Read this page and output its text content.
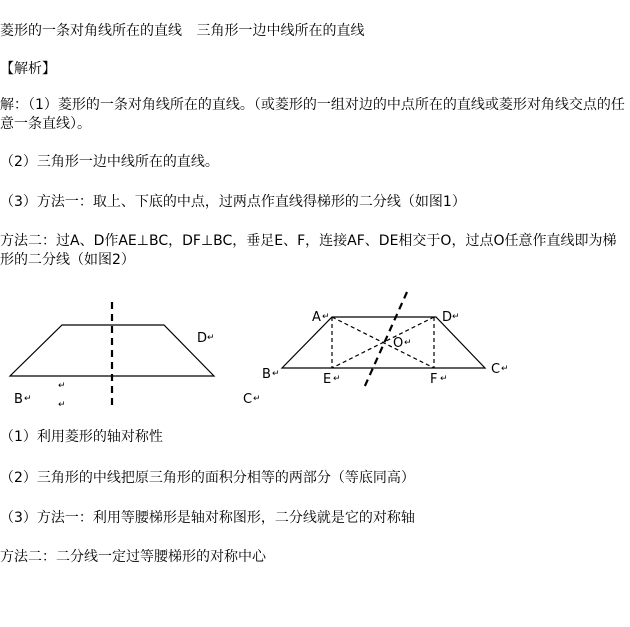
菱形的一条对角线所在的直线 三角形一边中线所在的直线
【解析】
解：（1）菱形的一条对角线所在的直线。（或菱形的一组对边的中点所在的直线或菱形对角线交点的任意一条直线）。
（2）三角形一边中线所在的直线。
（3）方法一：取上、下底的中点，过两点作直线得梯形的二分线（如图1）
方法二：过A、D作AE⊥BC，DF⊥BC，垂足E、F，连接AF、DE相交于O，过点O任意作直线即为梯形的二分线（如图2）
D ↵
↵
B ↵
↵	C ↵
A ↵	D ↵
O ↵
B ↵	E ↵	F ↵
C ↵
（1）利用菱形的轴对称性
（2）三角形的中线把原三角形的面积分相等的两部分（等底同高）
（3）方法一：利用等腰梯形是轴对称图形，二分线就是它的对称轴
方法二：二分线一定过等腰梯形的对称中心
